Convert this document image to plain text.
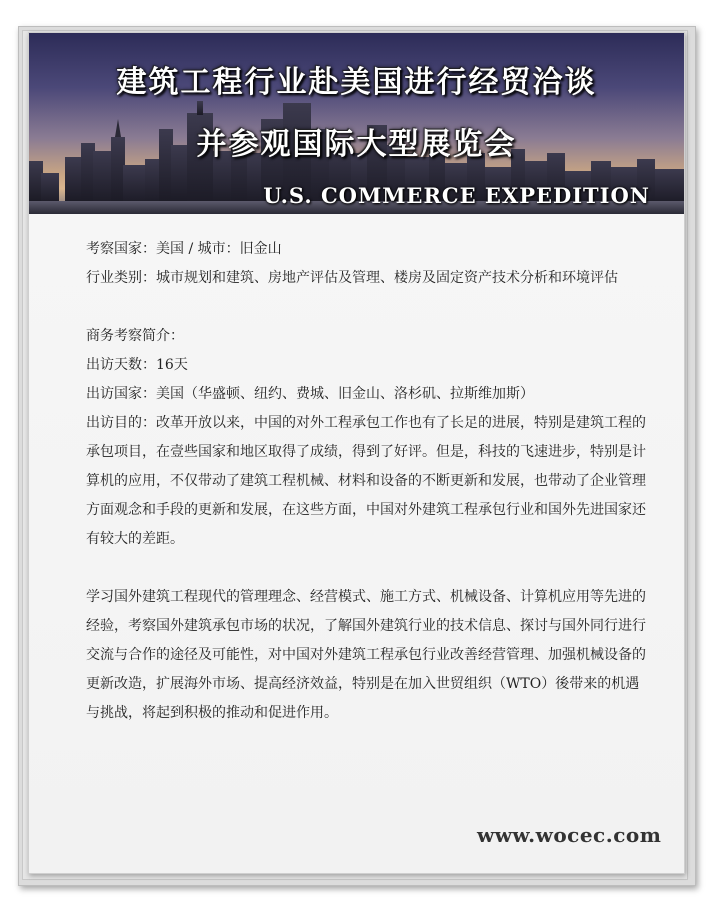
建筑工程行业赴美国进行经贸洽谈
并参观国际大型展览会
U.S. COMMERCE EXPEDITION

考察国家：美国 / 城市：旧金山

行业类别：城市规划和建筑、房地产评估及管理、楼房及固定资产技术分析和环境评估

商务考察简介：

出访天数：16天

出访国家：美国（华盛顿、纽约、费城、旧金山、洛杉矶、拉斯维加斯）

出访目的：改革开放以来，中国的对外工程承包工作也有了长足的进展，特别是建筑工程的承包项目，在壹些国家和地区取得了成绩，得到了好评。但是，科技的飞速进步，特别是计算机的应用，不仅带动了建筑工程机械、材料和设备的不断更新和发展，也带动了企业管理方面观念和手段的更新和发展，在这些方面，中国对外建筑工程承包行业和国外先进国家还有较大的差距。

学习国外建筑工程现代的管理理念、经营模式、施工方式、机械设备、计算机应用等先进的经验，考察国外建筑承包市场的状况，了解国外建筑行业的技术信息、探讨与国外同行进行交流与合作的途径及可能性，对中国对外建筑工程承包行业改善经营管理、加强机械设备的更新改造，扩展海外市场、提高经济效益，特别是在加入世贸组织（WTO）後带来的机遇与挑战，将起到积极的推动和促进作用。

www.wocec.com
